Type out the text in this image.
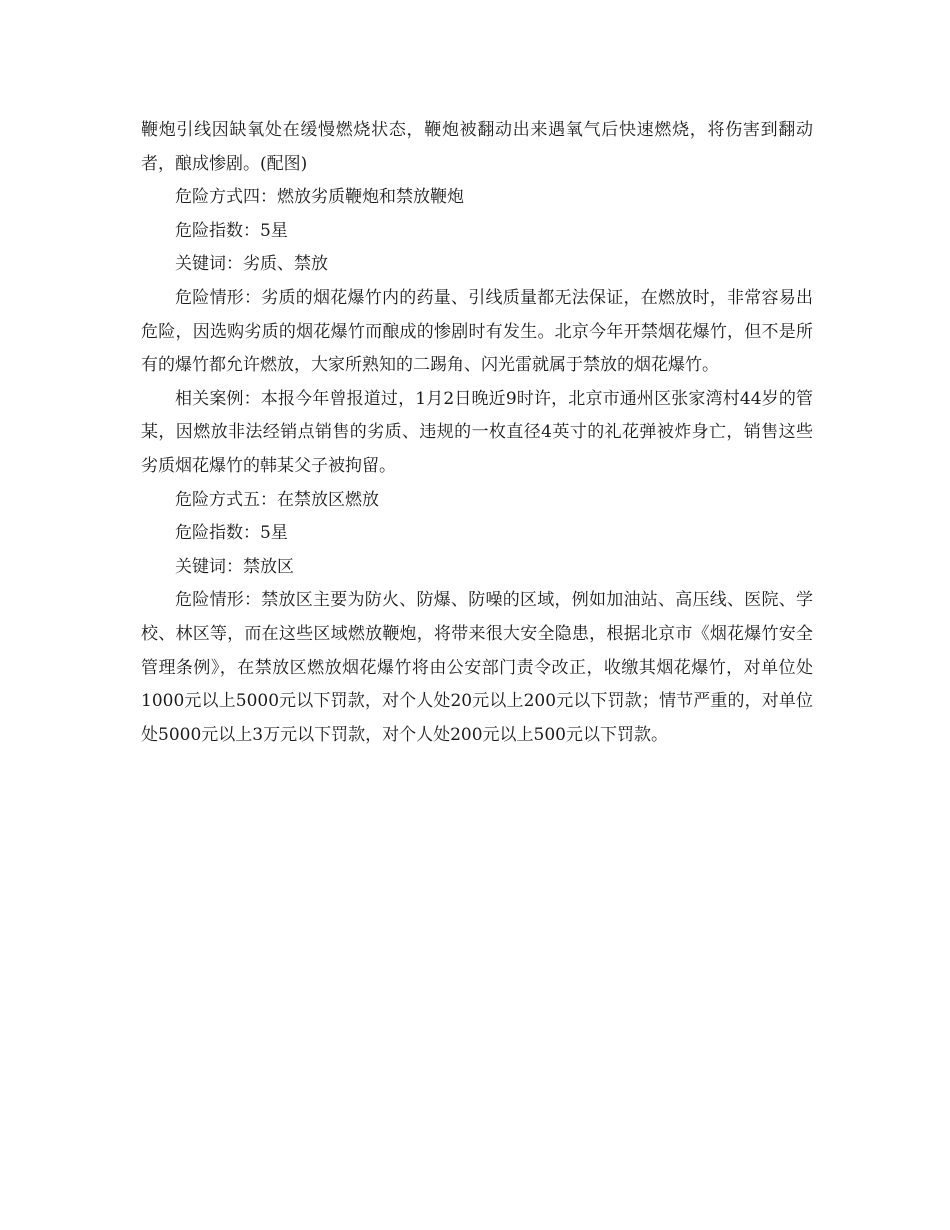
鞭炮引线因缺氧处在缓慢燃烧状态，鞭炮被翻动出来遇氧气后快速燃烧，将伤害到翻动者，酿成惨剧。(配图)

危险方式四：燃放劣质鞭炮和禁放鞭炮

危险指数：5星

关键词：劣质、禁放

危险情形：劣质的烟花爆竹内的药量、引线质量都无法保证，在燃放时，非常容易出危险，因选购劣质的烟花爆竹而酿成的惨剧时有发生。北京今年开禁烟花爆竹，但不是所有的爆竹都允许燃放，大家所熟知的二踢角、闪光雷就属于禁放的烟花爆竹。

相关案例：本报今年曾报道过，1月2日晚近9时许，北京市通州区张家湾村44岁的管某，因燃放非法经销点销售的劣质、违规的一枚直径4英寸的礼花弹被炸身亡，销售这些劣质烟花爆竹的韩某父子被拘留。

危险方式五：在禁放区燃放

危险指数：5星

关键词：禁放区

危险情形：禁放区主要为防火、防爆、防噪的区域，例如加油站、高压线、医院、学校、林区等，而在这些区域燃放鞭炮，将带来很大安全隐患，根据北京市《烟花爆竹安全管理条例》，在禁放区燃放烟花爆竹将由公安部门责令改正，收缴其烟花爆竹，对单位处1000元以上5000元以下罚款，对个人处20元以上200元以下罚款；情节严重的，对单位处5000元以上3万元以下罚款，对个人处200元以上500元以下罚款。
